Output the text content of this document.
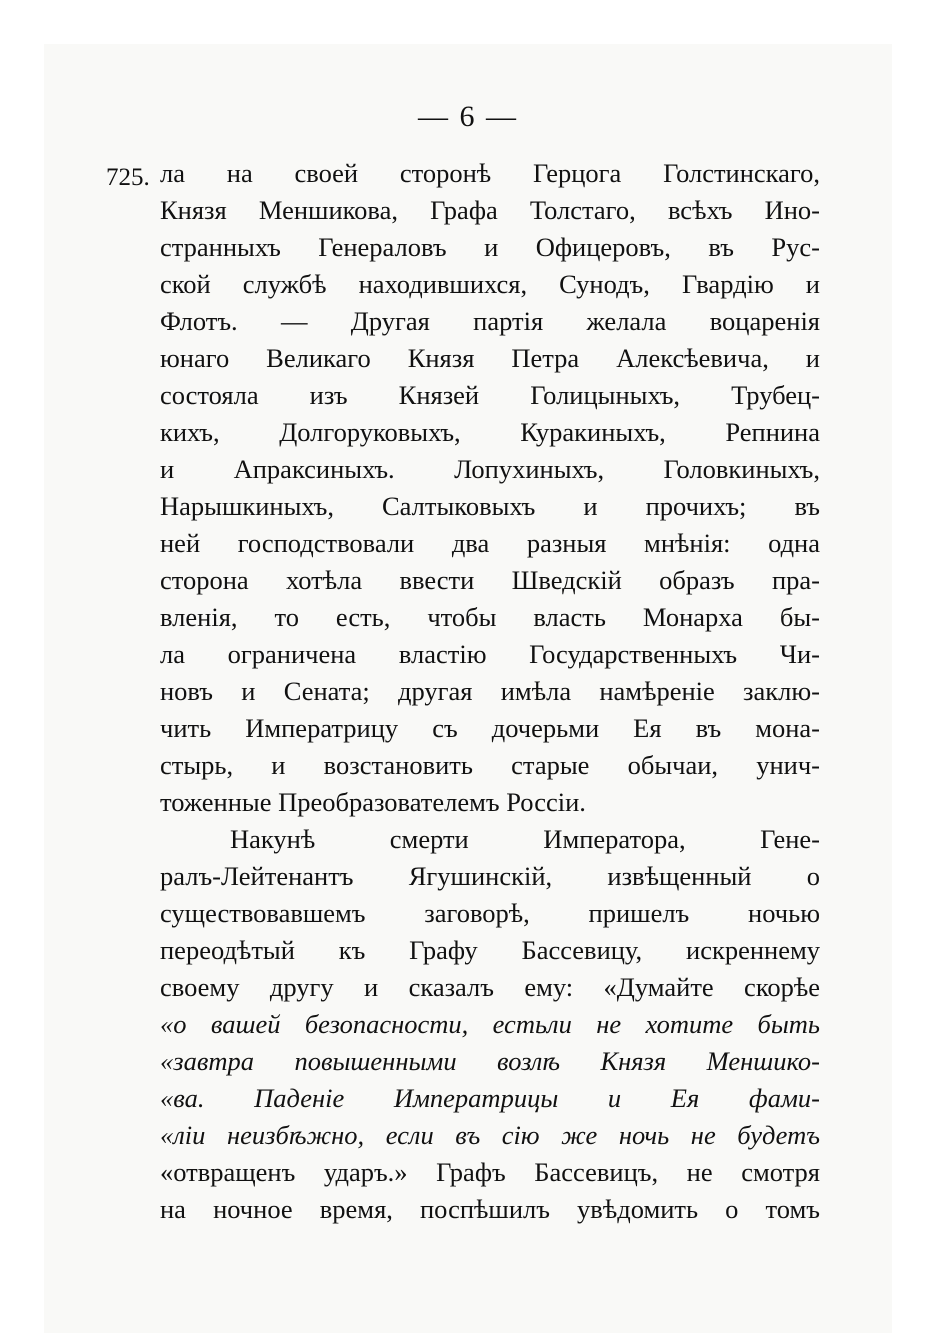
— 6 —
725. ла на своей сторонѣ Герцога Голстинскаго,
Князя Меншикова, Графа Толстаго, всѣхъ Ино-
странныхъ Генераловъ и Офицеровъ, въ Рус-
ской службѣ находившихся, Сунодъ, Гвардію и
Флотъ. — Другая партія желала воцаренія
юнаго Великаго Князя Петра Алексѣевича, и
состояла изъ Князей Голицыныхъ, Трубец-
кихъ, Долгоруковыхъ, Куракиныхъ, Репнина
и Апраксиныхъ. Лопухиныхъ, Головкиныхъ,
Нарышкиныхъ, Салтыковыхъ и прочихъ; въ
ней господствовали два разныя мнѣнія: одна
сторона хотѣла ввести Шведскій образъ пра-
вленія, то есть, чтобы власть Монарха бы-
ла ограничена властію Государственныхъ Чи-
новъ и Сената; другая имѣла намѣреніе заклю-
чить Императрицу съ дочерьми Ея въ мона-
стырь, и возстановить старые обычаи, унич-
тоженные Преобразователемъ Россіи.
Накунѣ смерти Императора, Гене-
ралъ-Лейтенантъ Ягушинскій, извѣщенный о
существовавшемъ заговорѣ, пришелъ ночью
переодѣтый къ Графу Бассевицу, искреннему
своему другу и сказалъ ему: «Думайте скорѣе
«о вашей безопасности, естьли не хотите быть
«завтра повышенными возлѣ Князя Меншико-
«ва. Паденіе Императрицы и Ея фами-
«ліи неизбѣжно, если въ сію же ночь не будетъ
«отвращенъ ударъ.» Графъ Бассевицъ, не смотря
на ночное время, поспѣшилъ увѣдомить о томъ
